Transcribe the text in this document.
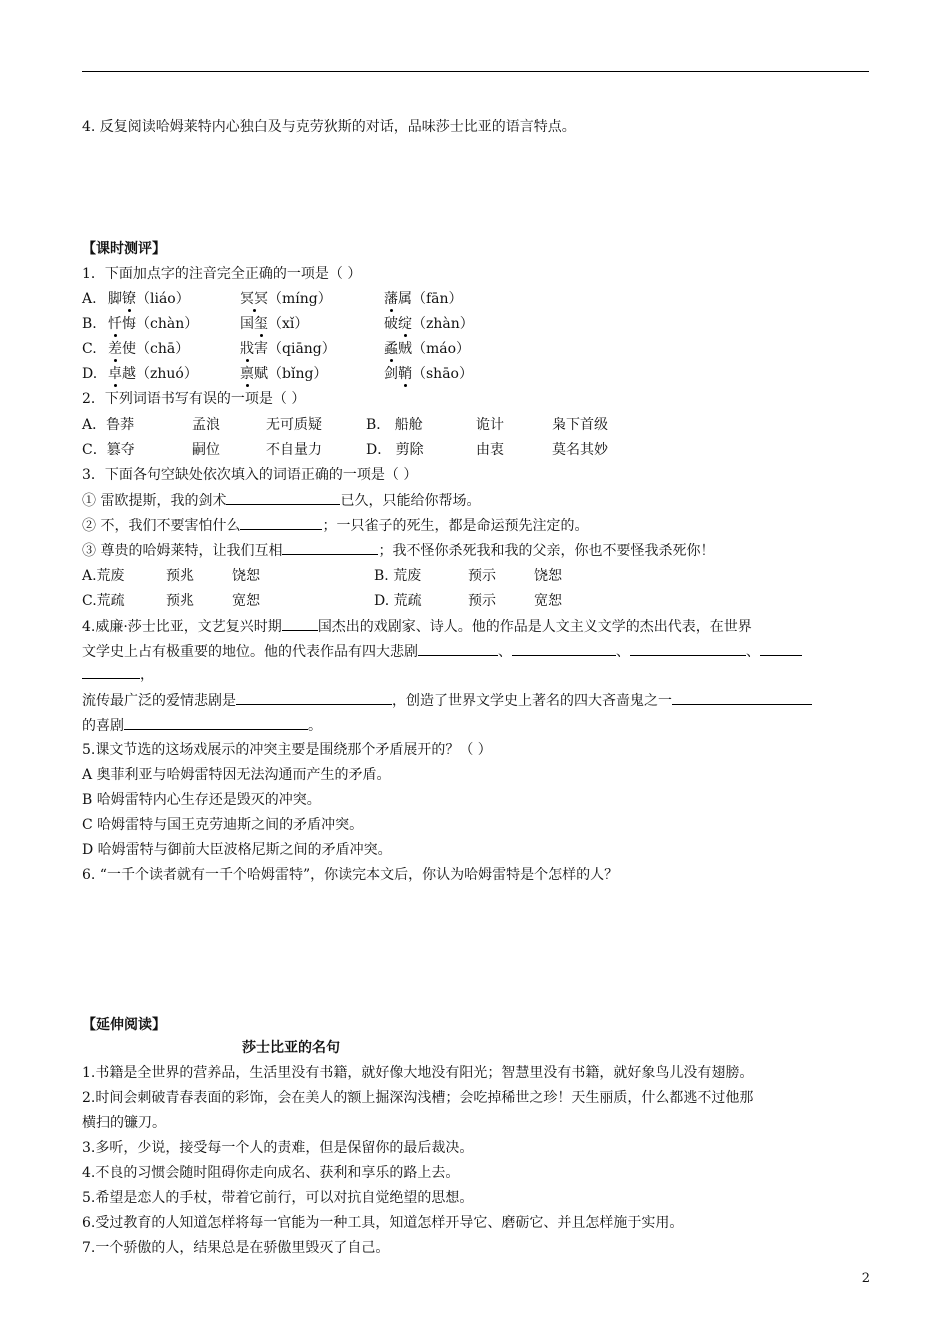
4. 反复阅读哈姆莱特内心独白及与克劳狄斯的对话，品味莎士比亚的语言特点。
【课时测评】
1．下面加点字的注音完全正确的一项是（ ）
A. 脚镣（liáo）	冥冥（míng）	藩属（fān）
B. 忏悔（chàn）	国玺（xǐ）	破绽（zhàn）
C. 差使（chā）	戕害（qiāng）	蟊贼（máo）
D. 卓越（zhuó）	禀赋（bǐng）	剑鞘（shāo）
2．下列词语书写有误的一项是（ ）
A．鲁莽	孟浪	无可质疑	B． 船舱	诡计	枭下首级
C．篡夺	嗣位	不自量力	D． 剪除	由衷	莫名其妙
3．下面各句空缺处依次填入的词语正确的一项是（ ）
① 雷欧提斯，我的剑术	已久，只能给你帮场。
② 不，我们不要害怕什么	；一只雀子的死生，都是命运预先注定的。
③ 尊贵的哈姆莱特，让我们互相	；我不怪你杀死我和我的父亲，你也不要怪我杀死你！
A.荒废	预兆	饶恕	B. 荒废	预示	饶恕
C.荒疏	预兆	宽恕	D. 荒疏	预示	宽恕
4.威廉·莎士比亚，文艺复兴时期	国杰出的戏剧家、诗人。他的作品是人文主义文学的杰出代表，在世界
文学史上占有极重要的地位。他的代表作品有四大悲剧	、	、	、
，
流传最广泛的爱情悲剧是	，创造了世界文学史上著名的四大吝啬鬼之一
的喜剧	。
5.课文节选的这场戏展示的冲突主要是围绕那个矛盾展开的？（ ）
A 奥菲利亚与哈姆雷特因无法沟通而产生的矛盾。
B 哈姆雷特内心生存还是毁灭的冲突。
C 哈姆雷特与国王克劳迪斯之间的矛盾冲突。
D 哈姆雷特与御前大臣波格尼斯之间的矛盾冲突。
6. “一千个读者就有一千个哈姆雷特”，你读完本文后，你认为哈姆雷特是个怎样的人？
【延伸阅读】
莎士比亚的名句
1.书籍是全世界的营养品，生活里没有书籍，就好像大地没有阳光；智慧里没有书籍，就好象鸟儿没有翅膀。
2.时间会刺破青春表面的彩饰，会在美人的额上掘深沟浅槽；会吃掉稀世之珍！天生丽质，什么都逃不过他那
横扫的镰刀。
3.多听，少说，接受每一个人的责难，但是保留你的最后裁决。
4.不良的习惯会随时阻碍你走向成名、获利和享乐的路上去。
5.希望是恋人的手杖，带着它前行，可以对抗自觉绝望的思想。
6.受过教育的人知道怎样将每一官能为一种工具，知道怎样开导它、磨砺它、并且怎样施于实用。
7.一个骄傲的人，结果总是在骄傲里毁灭了自己。
2
